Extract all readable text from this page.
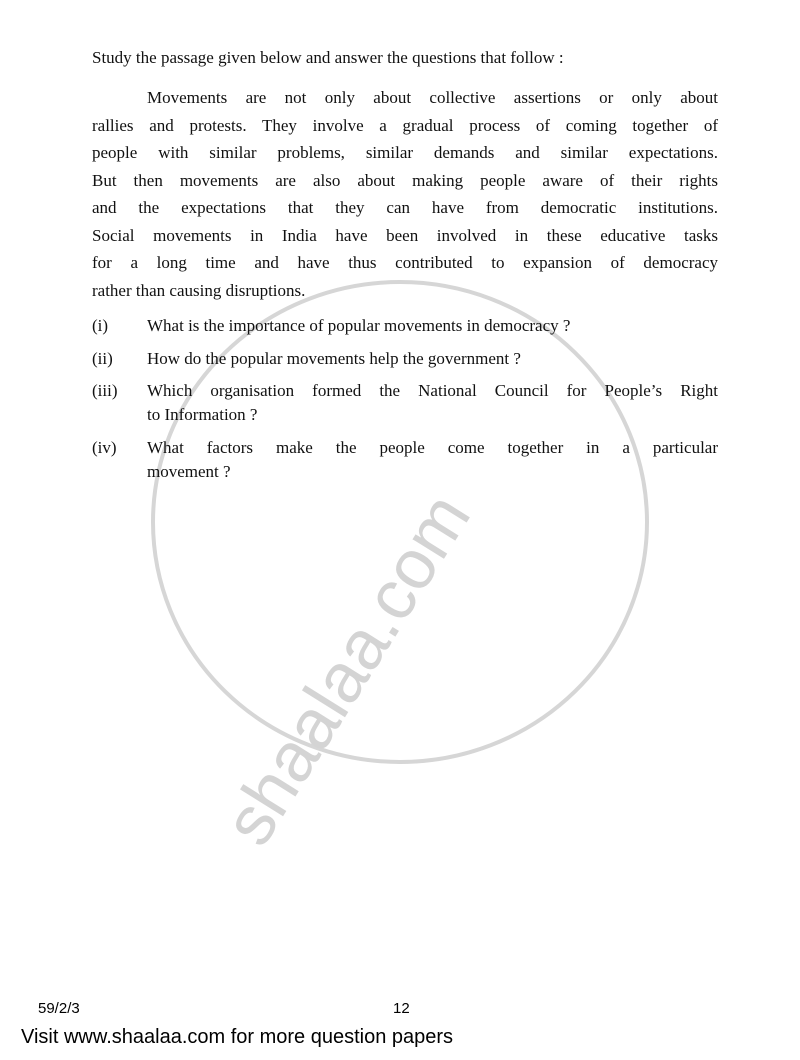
shaalaa.com
Study the passage given below and answer the questions that follow :
Movements are not only about collective assertions or only about
rallies and protests. They involve a gradual process of coming together of
people with similar problems, similar demands and similar expectations.
But then movements are also about making people aware of their rights
and the expectations that they can have from democratic institutions.
Social movements in India have been involved in these educative tasks
for a long time and have thus contributed to expansion of democracy
rather than causing disruptions.
(i) What is the importance of popular movements in democracy ?
(ii) How do the popular movements help the government ?
(iii) Which organisation formed the National Council for People’s Right
to Information ?
(iv) What factors make the people come together in a particular
movement ?
59/2/3	12
Visit www.shaalaa.com for more question papers
